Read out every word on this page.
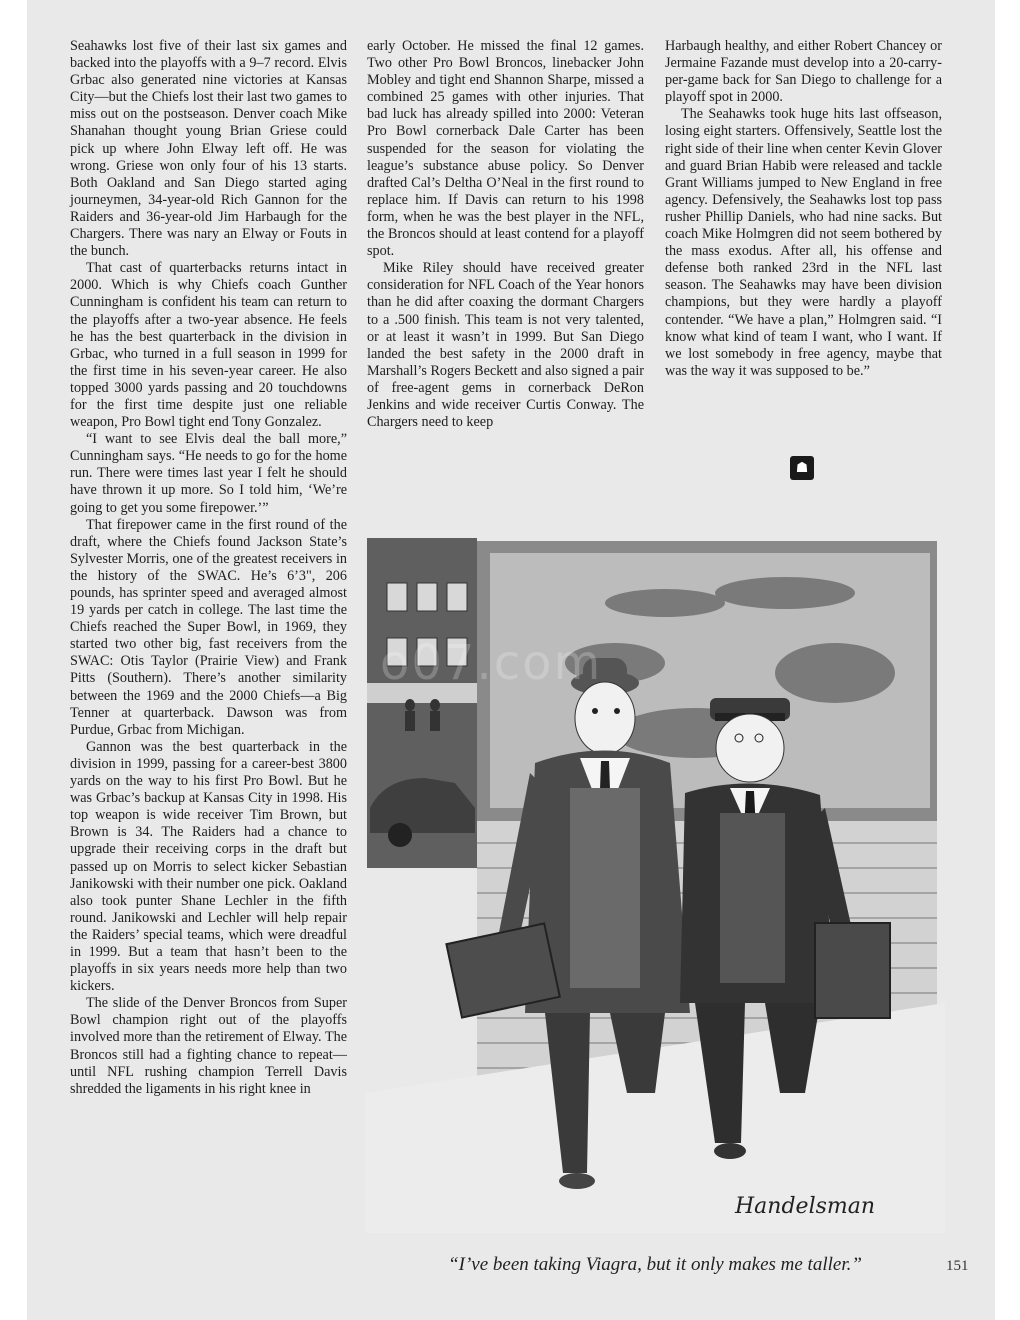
Seahawks lost five of their last six games and backed into the playoffs with a 9–7 record. Elvis Grbac also generated nine victories at Kansas City—but the Chiefs lost their last two games to miss out on the postseason. Denver coach Mike Shanahan thought young Brian Griese could pick up where John Elway left off. He was wrong. Griese won only four of his 13 starts. Both Oakland and San Diego started aging journeymen, 34-year-old Rich Gannon for the Raiders and 36-year-old Jim Harbaugh for the Chargers. There was nary an Elway or Fouts in the bunch.

That cast of quarterbacks returns intact in 2000. Which is why Chiefs coach Gunther Cunningham is confident his team can return to the playoffs after a two-year absence. He feels he has the best quarterback in the division in Grbac, who turned in a full season in 1999 for the first time in his seven-year career. He also topped 3000 yards passing and 20 touchdowns for the first time despite just one reliable weapon, Pro Bowl tight end Tony Gonzalez.

“I want to see Elvis deal the ball more,” Cunningham says. “He needs to go for the home run. There were times last year I felt he should have thrown it up more. So I told him, ‘We’re going to get you some firepower.’”

That firepower came in the first round of the draft, where the Chiefs found Jackson State’s Sylvester Morris, one of the greatest receivers in the history of the SWAC. He’s 6’3", 206 pounds, has sprinter speed and averaged almost 19 yards per catch in college. The last time the Chiefs reached the Super Bowl, in 1969, they started two other big, fast receivers from the SWAC: Otis Taylor (Prairie View) and Frank Pitts (Southern). There’s another similarity between the 1969 and the 2000 Chiefs—a Big Tenner at quarterback. Dawson was from Purdue, Grbac from Michigan.

Gannon was the best quarterback in the division in 1999, passing for a career-best 3800 yards on the way to his first Pro Bowl. But he was Grbac’s backup at Kansas City in 1998. His top weapon is wide receiver Tim Brown, but Brown is 34. The Raiders had a chance to upgrade their receiving corps in the draft but passed up on Morris to select kicker Sebastian Janikowski with their number one pick. Oakland also took punter Shane Lechler in the fifth round. Janikowski and Lechler will help repair the Raiders’ special teams, which were dreadful in 1999. But a team that hasn’t been to the playoffs in six years needs more help than two kickers.

The slide of the Denver Broncos from Super Bowl champion right out of the playoffs involved more than the retirement of Elway. The Broncos still had a fighting chance to repeat—until NFL rushing champion Terrell Davis shredded the ligaments in his right knee in

early October. He missed the final 12 games. Two other Pro Bowl Broncos, linebacker John Mobley and tight end Shannon Sharpe, missed a combined 25 games with other injuries. That bad luck has already spilled into 2000: Veteran Pro Bowl cornerback Dale Carter has been suspended for the season for violating the league’s substance abuse policy. So Denver drafted Cal’s Deltha O’Neal in the first round to replace him. If Davis can return to his 1998 form, when he was the best player in the NFL, the Broncos should at least contend for a playoff spot.

Mike Riley should have received greater consideration for NFL Coach of the Year honors than he did after coaxing the dormant Chargers to a .500 finish. This team is not very talented, or at least it wasn’t in 1999. But San Diego landed the best safety in the 2000 draft in Marshall’s Rogers Beckett and also signed a pair of free-agent gems in cornerback DeRon Jenkins and wide receiver Curtis Conway. The Chargers need to keep

Harbaugh healthy, and either Robert Chancey or Jermaine Fazande must develop into a 20-carry-per-game back for San Diego to challenge for a playoff spot in 2000.

The Seahawks took huge hits last offseason, losing eight starters. Offensively, Seattle lost the right side of their line when center Kevin Glover and guard Brian Habib were released and tackle Grant Williams jumped to New England in free agency. Defensively, the Seahawks lost top pass rusher Phillip Daniels, who had nine sacks. But coach Mike Holmgren did not seem bothered by the mass exodus. After all, his offense and defense both ranked 23rd in the NFL last season. The Seahawks may have been division champions, but they were hardly a playoff contender. “We have a plan,” Holmgren said. “I know what kind of team I want, who I want. If we lost somebody in free agency, maybe that was the way it was supposed to be.”

☗
Handelsman
o07.com
“I’ve been taking Viagra, but it only makes me taller.”	151
